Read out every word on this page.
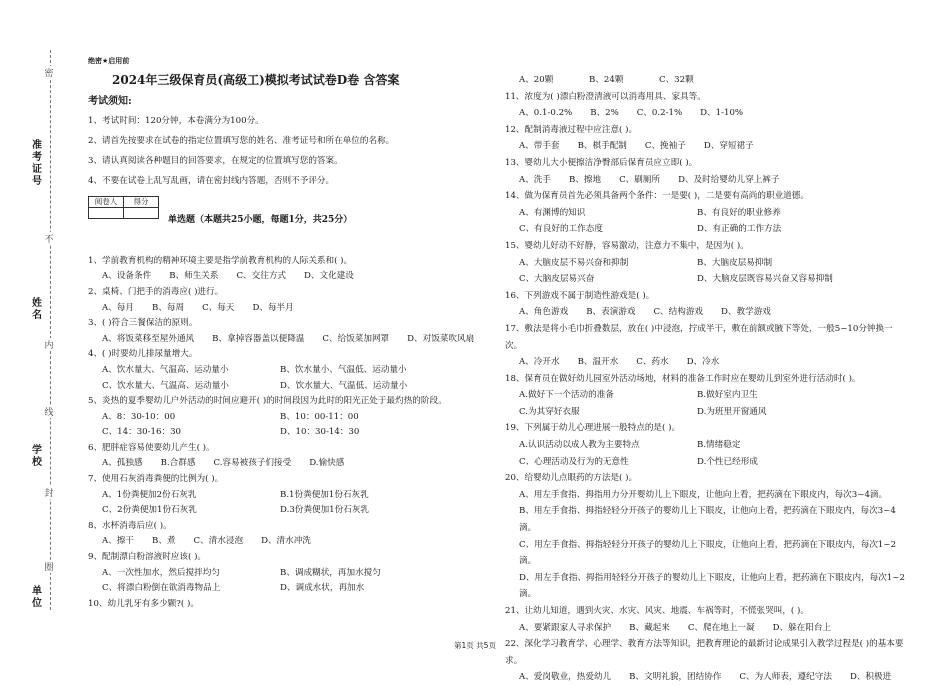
准考证号
姓名
学校
单位
密
不
内
线
封
圈
绝密★启用前
2024年三级保育员(高级工)模拟考试试卷D卷 含答案
考试须知:
1、考试时间：120分钟，本卷满分为100分。
2、请首先按要求在试卷的指定位置填写您的姓名、准考证号和所在单位的名称。
3、请认真阅读各种题目的回答要求，在规定的位置填写您的答案。
4、不要在试卷上乱写乱画，请在密封线内答题，否则不予评分。
阅卷人	得分

单选题（本题共25小题，每题1分，共25分）
1、学前教育机构的精神环境主要是指学前教育机构的人际关系和( )。
A、设备条件 B、师生关系 C、交往方式 D、文化建设
2、桌椅、门把手的消毒应( )进行。
A、每月 B、每周 C、每天 D、每半月
3、( )符合三餐保洁的原则。
A、将饭菜移至屋外通风 B、拿掉容器盖以便降温 C、给饭菜加网罩 D、对饭菜吹风扇
4、( )时要幼儿排尿量增大。
A、饮水量大、气温高、运动量小	B、饮水量小、气温低、运动量小
C、饮水量大、气温高、运动量小	D、饮水量大、气温低、运动量小
5、炎热的夏季婴幼儿户外活动的时间应避开( )的时间段因为此时的阳光正处于最灼热的阶段。
A、8：30-10：00	B、10：00-11：00
C、14：30-16：30	D、10：30-14：30
6、肥胖症容易使要幼儿产生( )。
A、孤独感 B.合群感 C.容易被孩子们接受 D.愉快感
7、使用石灰消毒粪便的比例为( )。
A、1份粪便加2份石灰乳	B.1份粪便加1份石灰乳
C、2份粪便加1份石灰乳	D.3份粪便加1份石灰乳
8、水杯消毒后应( )。
A、擦干 B、煮 C、清水浸泡 D、清水冲洗
9、配制漂白粉溶液时应该( )。
A、一次性加水，然后搅拌均匀	B、调成糊状，再加水搅匀
C、将漂白粉倒在欲消毒物品上	D、调成水状，再加水
10、幼儿乳牙有多少颗?( )。
A、20颗	B、24颗	C、32颗
11、浓度为( )漂白粉澄清液可以消毒用具、家具等。
A、0.1-0.2% B、2% C、0.2-1% D、1-10%
12、配制消毒液过程中应注意( )。
A、带手套 B、棋手配制 C、挽袖子 D、穿短裙子
13、婴幼儿大小便擦洁净臀部后保育员应立即( )。
A、洗手 B、擦地 C、刷厕所 D、及时给婴幼儿穿上裤子
14、做为保育员首先必须具备两个条件：一是要( )，二是要有高尚的职业道德。
A、有渊博的知识	B、有良好的职业修养
C、有良好的工作态度	D、有正确的工作方法
15、婴幼儿好动不好静，容易激动，注意力不集中，是因为( )。
A、大脑皮层不易兴奋和抑制	B、大脑皮层易抑制
C、大脑皮层易兴奋	D、大脑皮层既容易兴奋又容易抑制
16、下列游戏不属于制造性游戏是( )。
A、角色游戏 B、表演游戏 C、结构游戏 D、教学游戏
17、敷法是将小毛巾折叠数层，放在( )中浸泡，拧成半干，敷在前额或腋下等处，一般5~10分钟换一次。
A、冷开水 B、温开水 C、药水 D、冷水
18、保育员在做好幼儿园室外活动场地，材料的准备工作时应在婴幼儿到室外进行活动时( )。
A.做好下一个活动的准备	B.做好室内卫生
C.为其穿好衣服	D.为班里开窗通风
19、下列属于幼儿心理进展一般特点的是( )。
A.认识活动以成人教为主要特点	B.情绪稳定
C、心理活动及行为的无意性	D.个性已经形成
20、给婴幼儿点眼药的方法是( )。
A、用左手食指、拇指用力分开婴幼儿上下眼皮，让他向上看，把药滴在下眼皮内，每次3~4滴。
B、用左手食指、拇指轻轻分开孩子的婴幼儿上下眼皮，让他向上看，把药滴在下眼皮内，每次3~4滴。
C、用左手食指、拇指轻轻分开孩子的婴幼儿上下眼皮，让他向上看，把药滴在下眼皮内，每次1~2滴。
D、用左手食指、拇指用轻轻分开孩子的婴幼儿上下眼皮，让他向上看，把药滴在下眼皮内，每次1~2滴。
21、让幼儿知道，遇到火灾、水灾、风灾、地震、车祸等时，不慌张哭叫，( )。
A、要紧跟家人寻求保护 B、藏起来 C、爬在地上一凝 D、躲在阳台上
22、深化学习教育学、心理学、教育方法等知识，把教育理论的最新讨论成果引入教学过程是( )的基本要求。
A、爱岗敬业，热爱幼儿 B、文明礼貌，团结协作 C、为人师表，遵纪守法 D、积极进
第1页 共5页
